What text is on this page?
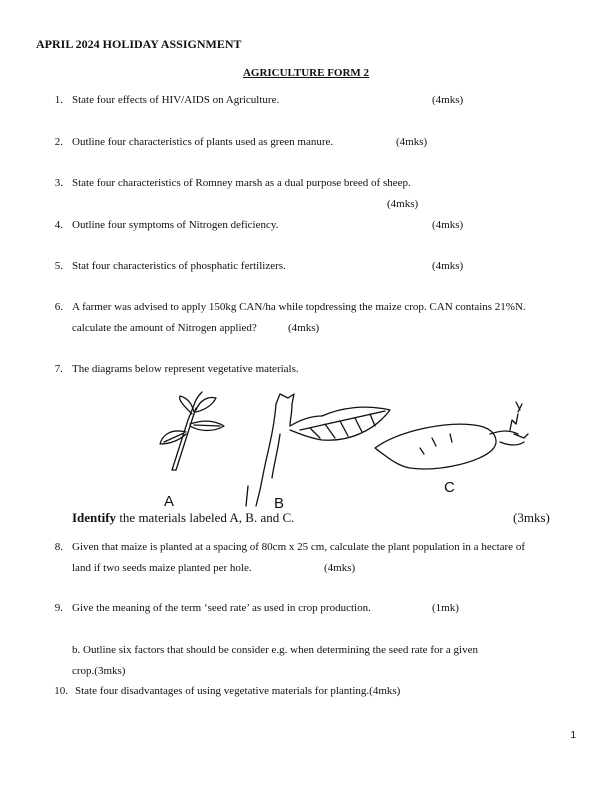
APRIL 2024 HOLIDAY ASSIGNMENT
AGRICULTURE FORM 2
1. State four effects of HIV/AIDS on Agriculture.	(4mks)
2. Outline four characteristics of plants used as green manure.	(4mks)
3. State four characteristics of Romney marsh as a dual purpose breed of sheep.
(4mks)
4. Outline four symptoms of Nitrogen deficiency.	(4mks)
5. Stat four characteristics of phosphatic fertilizers.	(4mks)
6. A farmer was advised to apply 150kg CAN/ha while topdressing the maize crop. CAN contains 21%N.
calculate the amount of Nitrogen applied?	(4mks)
7. The diagrams below represent vegetative materials.
A	B
C
Identify the materials labeled A, B. and C.	(3mks)
8. Given that maize is planted at a spacing of 80cm x 25 cm, calculate the plant population in a hectare of
land if two seeds maize planted per hole.	(4mks)
9. Give the meaning of the term ‘seed rate’ as used in crop production.	(1mk)
b. Outline six factors that should be consider e.g. when determining the seed rate for a given
crop.(3mks)
10. State four disadvantages of using vegetative materials for planting.(4mks)
1
